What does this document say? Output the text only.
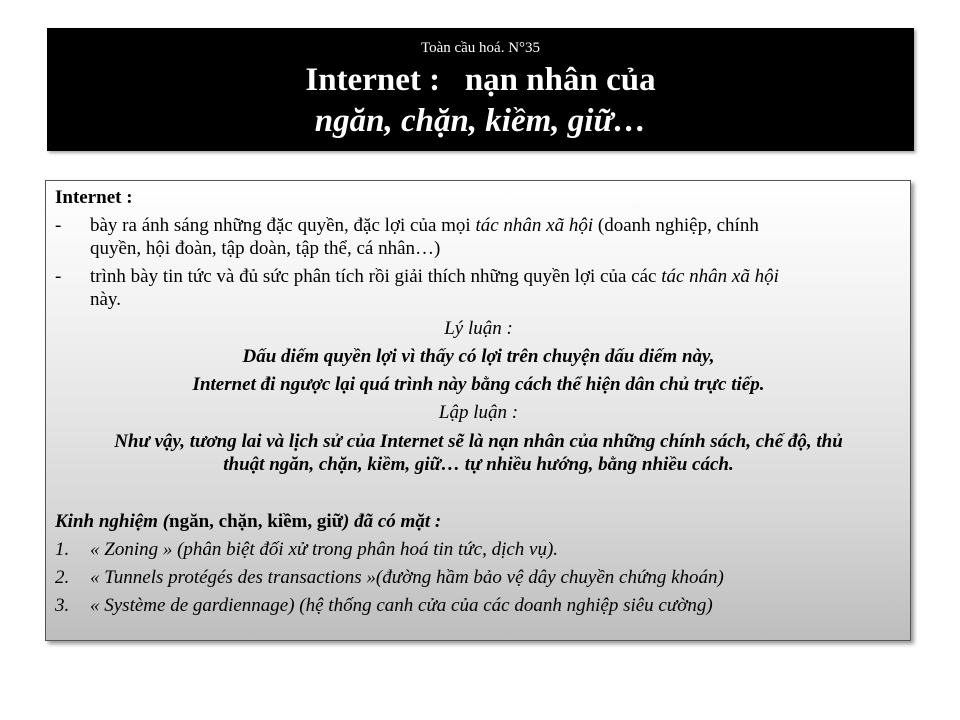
Toàn cầu hoá. N°35
Internet :   nạn nhân của
ngăn, chặn, kiềm, giữ…
Internet :
-	bày ra ánh sáng những đặc quyền, đặc lợi của mọi tác nhân xã hội (doanh nghiệp, chính
quyền, hội đoàn, tập doàn, tập thể, cá nhân…)
-	trình bày tin tức và đủ sức phân tích rồi giải thích những quyền lợi của các tác nhân xã hội
này.
Lý luận :
Dấu diếm quyền lợi vì thấy có lợi trên chuyện dấu diếm này,
Internet đi ngược lại quá trình này bằng cách thể hiện dân chủ trực tiếp.
Lập luận :
Như vậy, tương lai và lịch sử của Internet sẽ là nạn nhân của những chính sách, chế độ, thủ
thuật ngăn, chặn, kiềm, giữ… tự nhiều hướng, bằng nhiều cách.
Kinh nghiệm (ngăn, chặn, kiềm, giữ) đã có mặt :
1.	« Zoning » (phân biệt đối xử trong phân hoá tin tức, dịch vụ).
2.	« Tunnels protégés des transactions »(đường hầm bảo vệ dây chuyền chứng khoán)
3.	« Système de gardiennage) (hệ thống canh cửa của các doanh nghiệp siêu cường)
